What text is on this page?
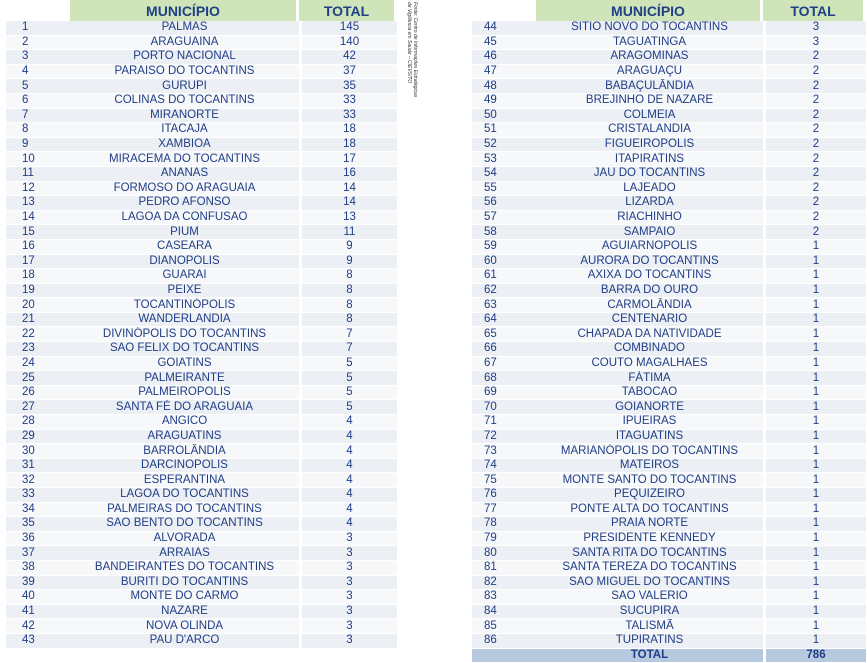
	MUNICÍPIO	TOTAL
1	PALMAS	145
2	ARAGUAÍNA	140
3	PORTO NACIONAL	42
4	PARAÍSO DO TOCANTINS	37
5	GURUPI	35
6	COLINAS DO TOCANTINS	33
7	MIRANORTE	33
8	ITACAJÁ	18
9	XAMBIOÁ	18
10	MIRACEMA DO TOCANTINS	17
11	ANANÁS	16
12	FORMOSO DO ARAGUAIA	14
13	PEDRO AFONSO	14
14	LAGOA DA CONFUSÃO	13
15	PIUM	11
16	CASEARA	9
17	DIANÓPOLIS	9
18	GUARAÍ	8
19	PEIXE	8
20	TOCANTINÓPOLIS	8
21	WANDERLÂNDIA	8
22	DIVINÓPOLIS DO TOCANTINS	7
23	SÃO FÉLIX DO TOCANTINS	7
24	GOIATINS	5
25	PALMEIRANTE	5
26	PALMEIRÓPOLIS	5
27	SANTA FÉ DO ARAGUAIA	5
28	ANGICO	4
29	ARAGUATINS	4
30	BARROLÂNDIA	4
31	DARCINÓPOLIS	4
32	ESPERANTINA	4
33	LAGOA DO TOCANTINS	4
34	PALMEIRAS DO TOCANTINS	4
35	SÃO BENTO DO TOCANTINS	4
36	ALVORADA	3
37	ARRAIAS	3
38	BANDEIRANTES DO TOCANTINS	3
39	BURITI DO TOCANTINS	3
40	MONTE DO CARMO	3
41	NAZARÉ	3
42	NOVA OLINDA	3
43	PAU D'ARCO	3
Fonte: Centro de Informações Estratégicas
de Vigilância em Saúde – CIEVS/TO
		MUNICÍPIO	TOTAL
44	SÍTIO NOVO DO TOCANTINS	3
45	TAGUATINGA	3
46	ARAGOMINAS	2
47	ARAGUAÇU	2
48	BABAÇULÂNDIA	2
49	BREJINHO DE NAZARÉ	2
50	COLMEIA	2
51	CRISTALÂNDIA	2
52	FIGUEIRÓPOLIS	2
53	ITAPIRATINS	2
54	JAÚ DO TOCANTINS	2
55	LAJEADO	2
56	LIZARDA	2
57	RIACHINHO	2
58	SAMPAIO	2
59	AGUIARNÓPOLIS	1
60	AURORA DO TOCANTINS	1
61	AXIXÁ DO TOCANTINS	1
62	BARRA DO OURO	1
63	CARMOLÂNDIA	1
64	CENTENÁRIO	1
65	CHAPADA DA NATIVIDADE	1
66	COMBINADO	1
67	COUTO MAGALHÃES	1
68	FÁTIMA	1
69	TABOCÃO	1
70	GOIANORTE	1
71	IPUEIRAS	1
72	ITAGUATINS	1
73	MARIANÓPOLIS DO TOCANTINS	1
74	MATEIROS	1
75	MONTE SANTO DO TOCANTINS	1
76	PEQUIZEIRO	1
77	PONTE ALTA DO TOCANTINS	1
78	PRAIA NORTE	1
79	PRESIDENTE KENNEDY	1
80	SANTA RITA DO TOCANTINS	1
81	SANTA TEREZA DO TOCANTINS	1
82	SÃO MIGUEL DO TOCANTINS	1
83	SAO VALÉRIO	1
84	SUCUPIRA	1
85	TALISMÃ	1
86	TUPIRATINS	1
	TOTAL	786
